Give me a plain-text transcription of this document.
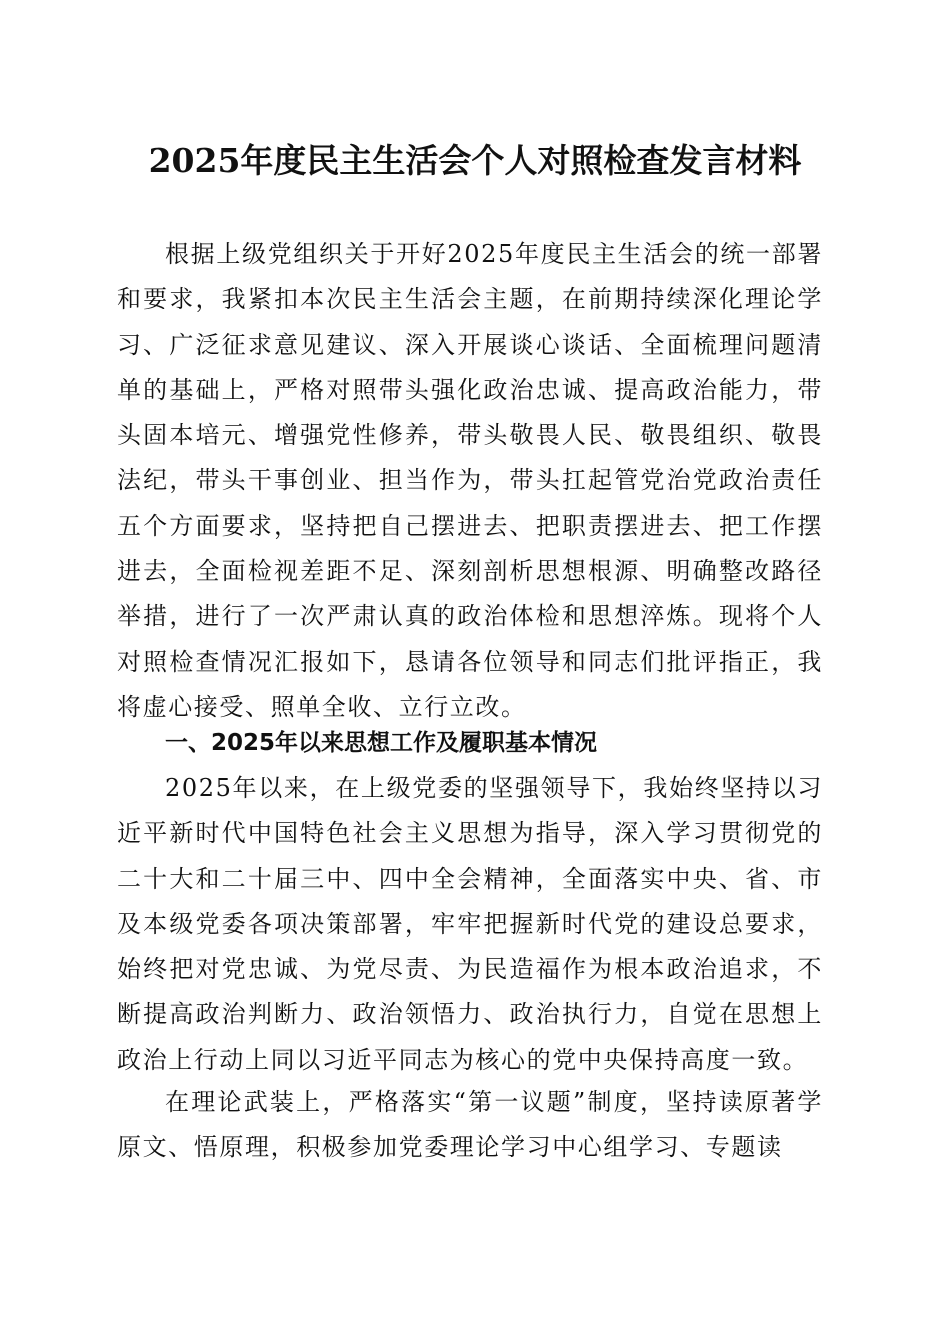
2025年度民主生活会个人对照检查发言材料

根据上级党组织关于开好2025年度民主生活会的统一部署和要求，我紧扣本次民主生活会主题，在前期持续深化理论学习、广泛征求意见建议、深入开展谈心谈话、全面梳理问题清单的基础上，严格对照带头强化政治忠诚、提高政治能力，带头固本培元、增强党性修养，带头敬畏人民、敬畏组织、敬畏法纪，带头干事创业、担当作为，带头扛起管党治党政治责任五个方面要求，坚持把自己摆进去、把职责摆进去、把工作摆进去，全面检视差距不足、深刻剖析思想根源、明确整改路径举措，进行了一次严肃认真的政治体检和思想淬炼。现将个人对照检查情况汇报如下，恳请各位领导和同志们批评指正，我将虚心接受、照单全收、立行立改。

一、2025年以来思想工作及履职基本情况

2025年以来，在上级党委的坚强领导下，我始终坚持以习近平新时代中国特色社会主义思想为指导，深入学习贯彻党的二十大和二十届三中、四中全会精神，全面落实中央、省、市及本级党委各项决策部署，牢牢把握新时代党的建设总要求，始终把对党忠诚、为党尽责、为民造福作为根本政治追求，不断提高政治判断力、政治领悟力、政治执行力，自觉在思想上政治上行动上同以习近平同志为核心的党中央保持高度一致。

在理论武装上，严格落实“第一议题”制度，坚持读原著学原文、悟原理，积极参加党委理论学习中心组学习、专题读
